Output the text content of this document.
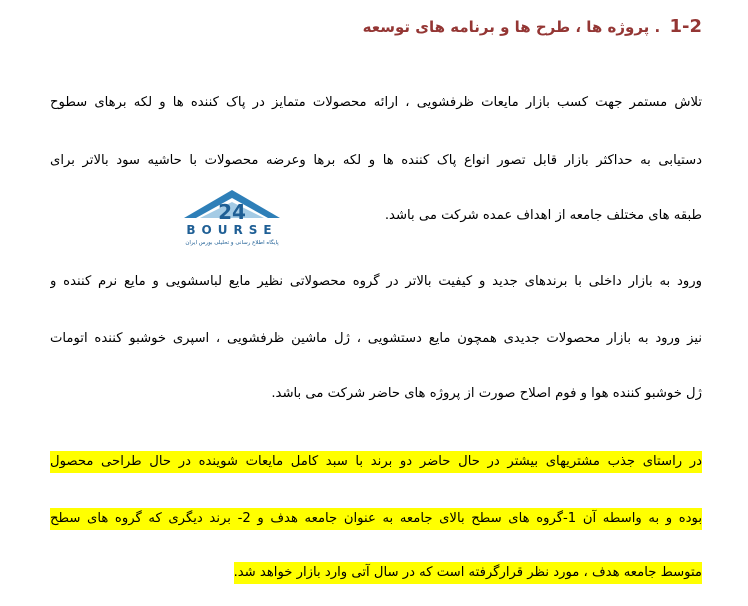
1-2 . پروژه ها ، طرح ها و برنامه های توسعه
تلاش مستمر جهت کسب بازار مایعات ظرفشویی ، ارائه محصولات متمایز در پاک کننده ها و لکه برهای سطوح
دستیابی به حداکثر بازار قابل تصور انواع پاک کننده ها و لکه برها وعرضه محصولات با حاشیه سود بالاتر برای
طبقه های مختلف جامعه از اهداف عمده شرکت می باشد.
24
BOURSE
پایگاه اطلاع رسانی و تحلیلی بورس ایران
ورود به بازار داخلی با برندهای جدید و کیفیت بالاتر در گروه محصولاتی نظیر مایع لباسشویی و مایع نرم کننده و
نیز ورود به بازار محصولات جدیدی همچون مایع دستشویی ، ژل ماشین ظرفشویی ، اسپری خوشبو کننده اتومات
ژل خوشبو کننده هوا و فوم اصلاح صورت از پروژه های حاضر شرکت می باشد.
در راستای جذب مشتریهای بیشتر در حال حاضر دو برند با سبد کامل مایعات شوینده در حال طراحی محصول
بوده و به واسطه آن 1-گروه های سطح بالای جامعه به عنوان جامعه هدف و 2- برند دیگری که گروه های سطح
متوسط جامعه هدف ، مورد نظر قرارگرفته است که در سال آتی وارد بازار خواهد شد.
